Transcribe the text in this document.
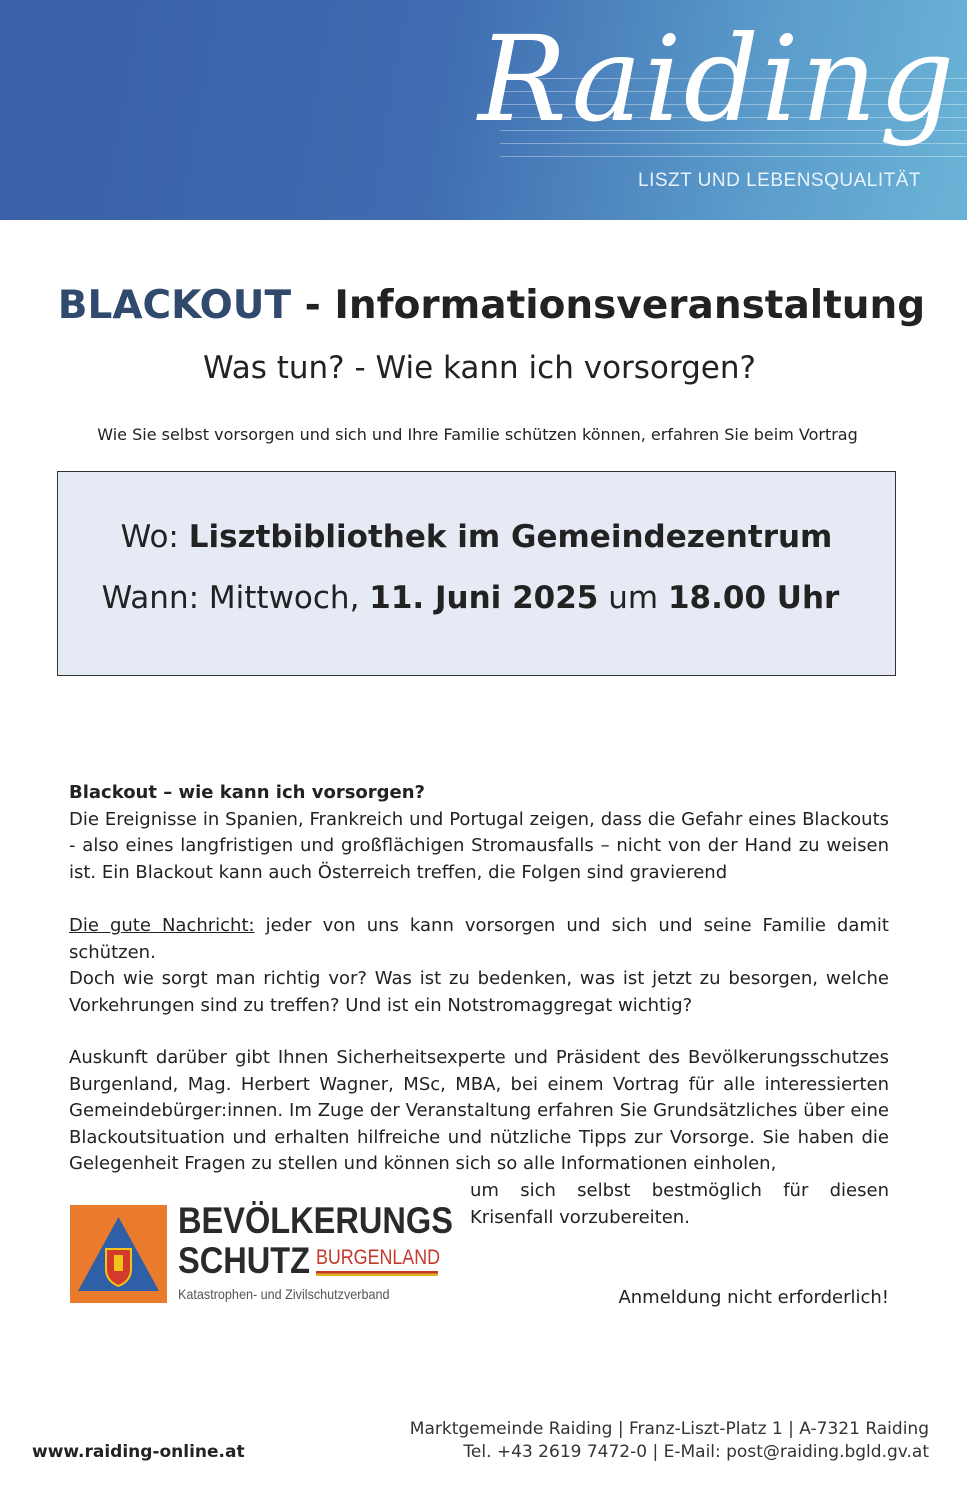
Raiding
LISZT UND LEBENSQUALITÄT
BLACKOUT - Informationsveranstaltung
Was tun? - Wie kann ich vorsorgen?
Wie Sie selbst vorsorgen und sich und Ihre Familie schützen können, erfahren Sie beim Vortrag
Wo: Lisztbibliothek im Gemeindezentrum
Wann: Mittwoch, 11. Juni 2025 um 18.00 Uhr

Blackout – wie kann ich vorsorgen?

Die Ereignisse in Spanien, Frankreich und Portugal zeigen, dass die Gefahr eines Blackouts - also eines langfristigen und großflächigen Stromausfalls – nicht von der Hand zu weisen ist. Ein Blackout kann auch Österreich treffen, die Folgen sind gravierend

Die gute Nachricht: jeder von uns kann vorsorgen und sich und seine Familie damit schützen.

Doch wie sorgt man richtig vor? Was ist zu bedenken, was ist jetzt zu besorgen, welche Vorkehrungen sind zu treffen? Und ist ein Notstromaggregat wichtig?

Auskunft darüber gibt Ihnen Sicherheitsexperte und Präsident des Bevölkerungsschutzes Burgenland, Mag. Herbert Wagner, MSc, MBA, bei einem Vortrag für alle interessierten Gemeindebürger:innen. Im Zuge der Veranstaltung erfahren Sie Grundsätzliches über eine Blackoutsituation und erhalten hilfreiche und nützliche Tipps zur Vorsorge. Sie haben die Gelegenheit Fragen zu stellen und können sich so alle Informationen einholen,

um sich selbst bestmöglich für diesen Krisenfall vorzubereiten.
BEVÖLKERUNGS
SCHUTZ BURGENLAND
Katastrophen- und Zivilschutzverband	Anmeldung nicht erforderlich!
www.raiding-online.at
Marktgemeinde Raiding | Franz-Liszt-Platz 1 | A-7321 Raiding
Tel. +43 2619 7472-0 | E-Mail: post@raiding.bgld.gv.at
